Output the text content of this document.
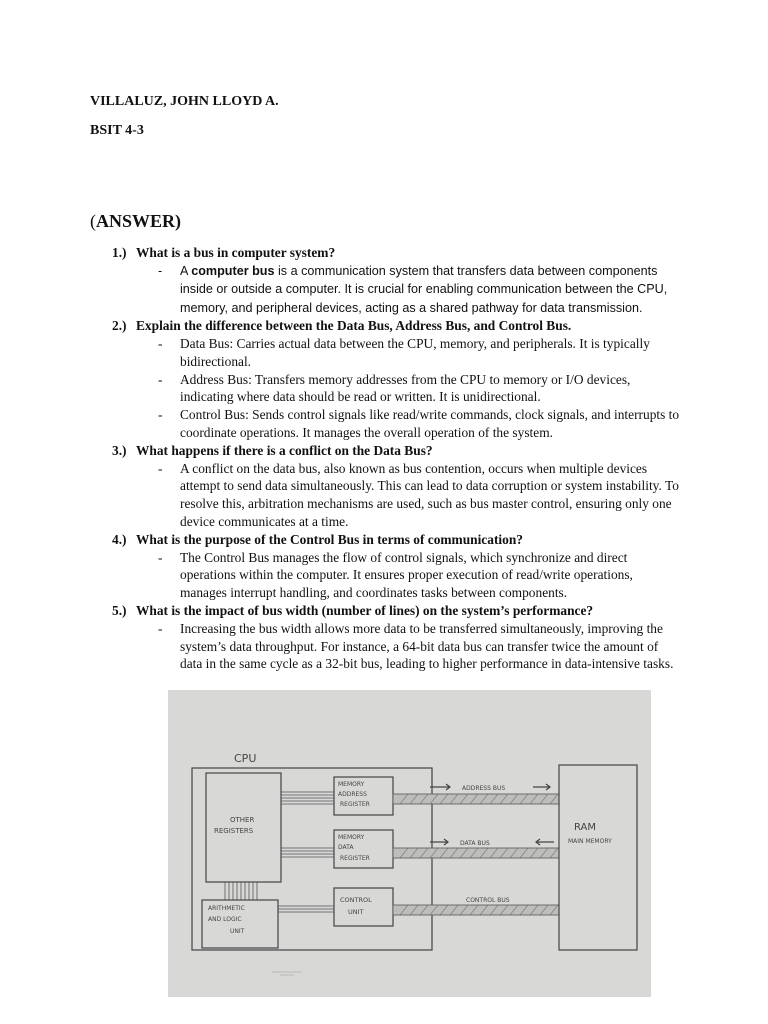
VILLALUZ, JOHN LLOYD A.
BSIT 4-3
(ANSWER)
1.) What is a bus in computer system?
-	A computer bus is a communication system that transfers data between components inside or outside a computer. It is crucial for enabling communication between the CPU, memory, and peripheral devices, acting as a shared pathway for data transmission.
2.) Explain the difference between the Data Bus, Address Bus, and Control Bus.
-	Data Bus: Carries actual data between the CPU, memory, and peripherals. It is typically bidirectional.
-	Address Bus: Transfers memory addresses from the CPU to memory or I/O devices, indicating where data should be read or written. It is unidirectional.
-	Control Bus: Sends control signals like read/write commands, clock signals, and interrupts to coordinate operations. It manages the overall operation of the system.
3.) What happens if there is a conflict on the Data Bus?
-	A conflict on the data bus, also known as bus contention, occurs when multiple devices attempt to send data simultaneously. This can lead to data corruption or system instability. To resolve this, arbitration mechanisms are used, such as bus master control, ensuring only one device communicates at a time.
4.) What is the purpose of the Control Bus in terms of communication?
-	The Control Bus manages the flow of control signals, which synchronize and direct operations within the computer. It ensures proper execution of read/write operations, manages interrupt handling, and coordinates tasks between components.
5.) What is the impact of bus width (number of lines) on the system’s performance?
-	Increasing the bus width allows more data to be transferred simultaneously, improving the system’s data throughput. For instance, a 64-bit data bus can transfer twice the amount of data in the same cycle as a 32-bit bus, leading to higher performance in data-intensive tasks.
CPU
OTHER
REGISTERS
MEMORY
ADDRESS
REGISTER
MEMORY
DATA
REGISTER
CONTROL
UNIT
ARITHMETIC
AND LOGIC
UNIT
ADDRESS BUS
DATA BUS
CONTROL BUS
RAM
MAIN MEMORY
